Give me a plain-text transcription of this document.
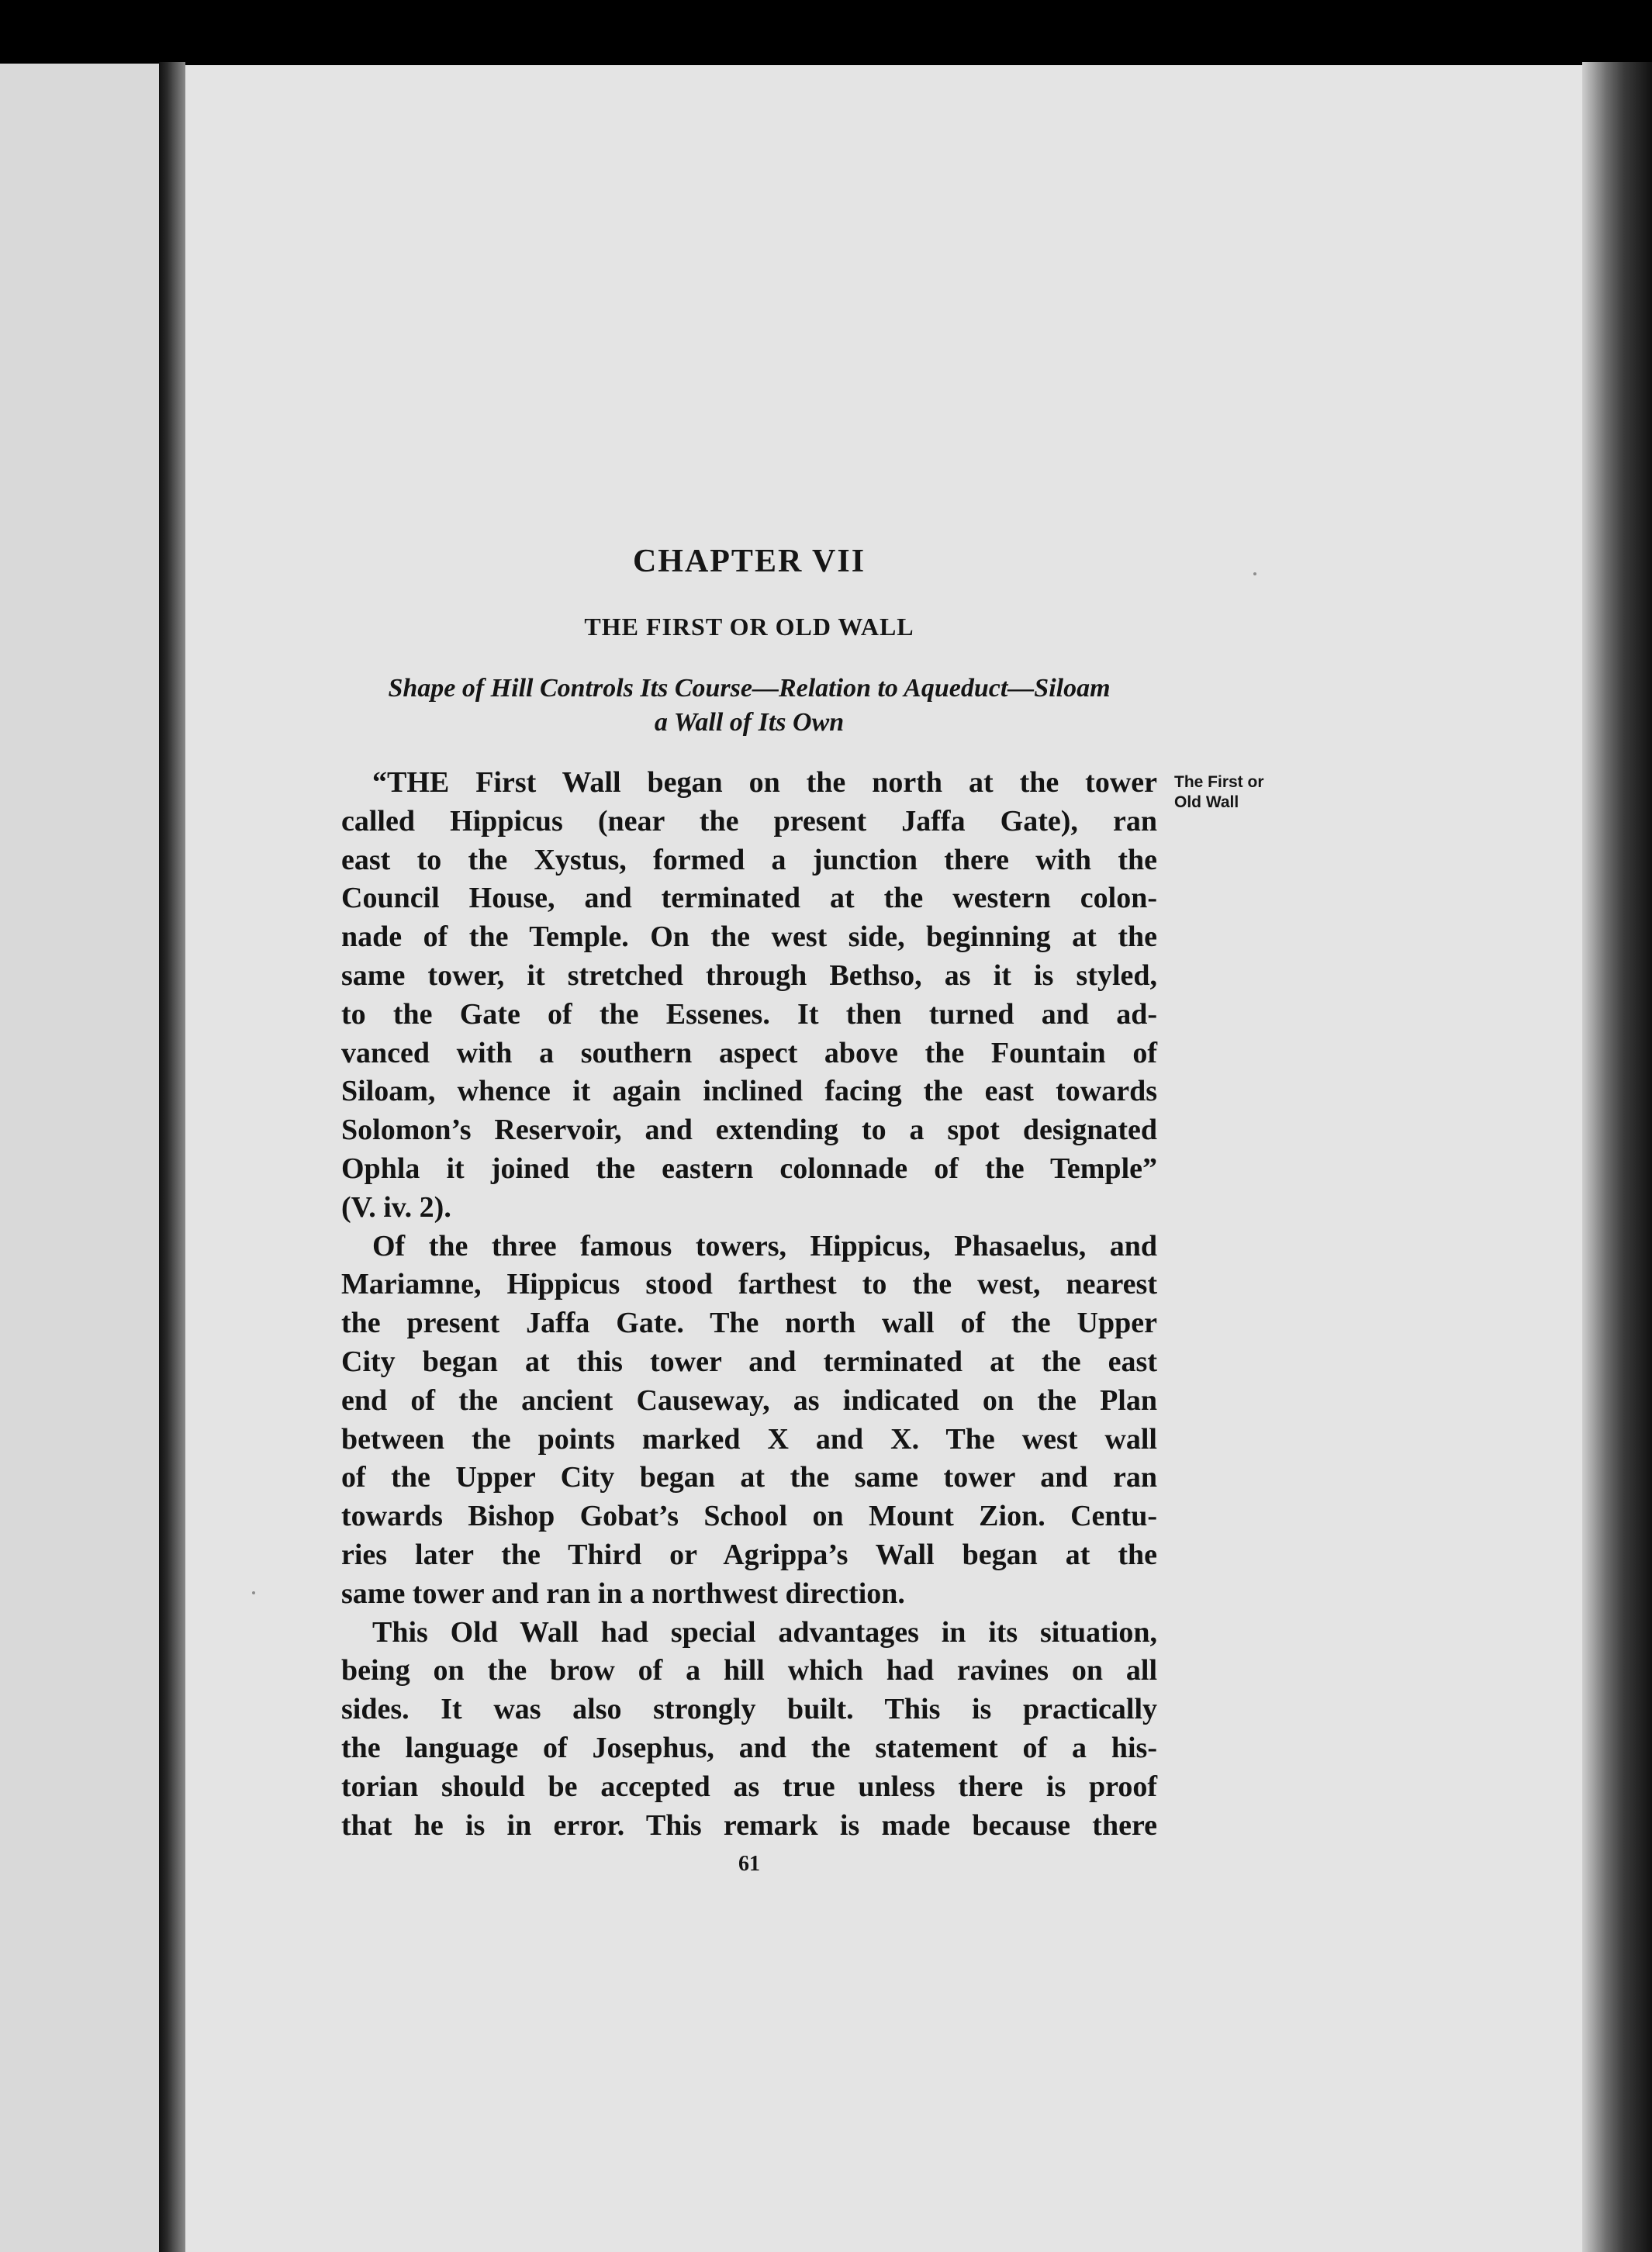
CHAPTER VII
THE FIRST OR OLD WALL

Shape of Hill Controls Its Course—Relation to Aqueduct—Siloam
a Wall of Its Own

The First or
Old Wall

“THE First Wall began on the north at the tower
called Hippicus (near the present Jaffa Gate), ran
east to the Xystus, formed a junction there with the
Council House, and terminated at the western colon-
nade of the Temple. On the west side, beginning at the
same tower, it stretched through Bethso, as it is styled,
to the Gate of the Essenes. It then turned and ad-
vanced with a southern aspect above the Fountain of
Siloam, whence it again inclined facing the east towards
Solomon’s Reservoir, and extending to a spot designated
Ophla it joined the eastern colonnade of the Temple”
(V. iv. 2).
Of the three famous towers, Hippicus, Phasaelus, and
Mariamne, Hippicus stood farthest to the west, nearest
the present Jaffa Gate. The north wall of the Upper
City began at this tower and terminated at the east
end of the ancient Causeway, as indicated on the Plan
between the points marked X and X. The west wall
of the Upper City began at the same tower and ran
towards Bishop Gobat’s School on Mount Zion. Centu-
ries later the Third or Agrippa’s Wall began at the
same tower and ran in a northwest direction.
This Old Wall had special advantages in its situation,
being on the brow of a hill which had ravines on all
sides. It was also strongly built. This is practically
the language of Josephus, and the statement of a his-
torian should be accepted as true unless there is proof
that he is in error. This remark is made because there

61
